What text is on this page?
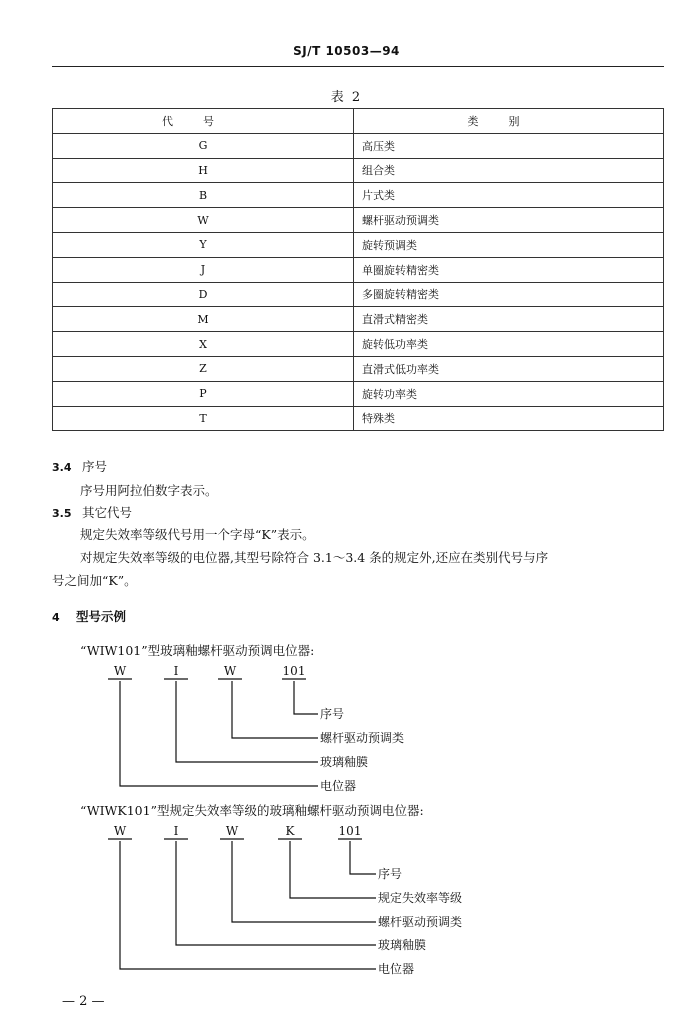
SJ/T 10503—94
表 2
代号	类别
G	高压类
H	组合类
B	片式类
W	螺杆驱动预调类
Y	旋转预调类
J	单圈旋转精密类
D	多圈旋转精密类
M	直滑式精密类
X	旋转低功率类
Z	直滑式低功率类
P	旋转功率类
T	特殊类
3.4 序号
序号用阿拉伯数字表示。
3.5 其它代号
规定失效率等级代号用一个字母“K”表示。
对规定失效率等级的电位器,其型号除符合 3.1～3.4 条的规定外,还应在类别代号与序
号之间加“K”。
4 型号示例
“WIW101”型玻璃釉螺杆驱动预调电位器:
W	I	W	101
序号
螺杆驱动预调类
玻璃釉膜
电位器
“WIWK101”型规定失效率等级的玻璃釉螺杆驱动预调电位器:
W	I	W	K	101
序号
规定失效率等级
螺杆驱动预调类
玻璃釉膜
电位器
— 2 —
